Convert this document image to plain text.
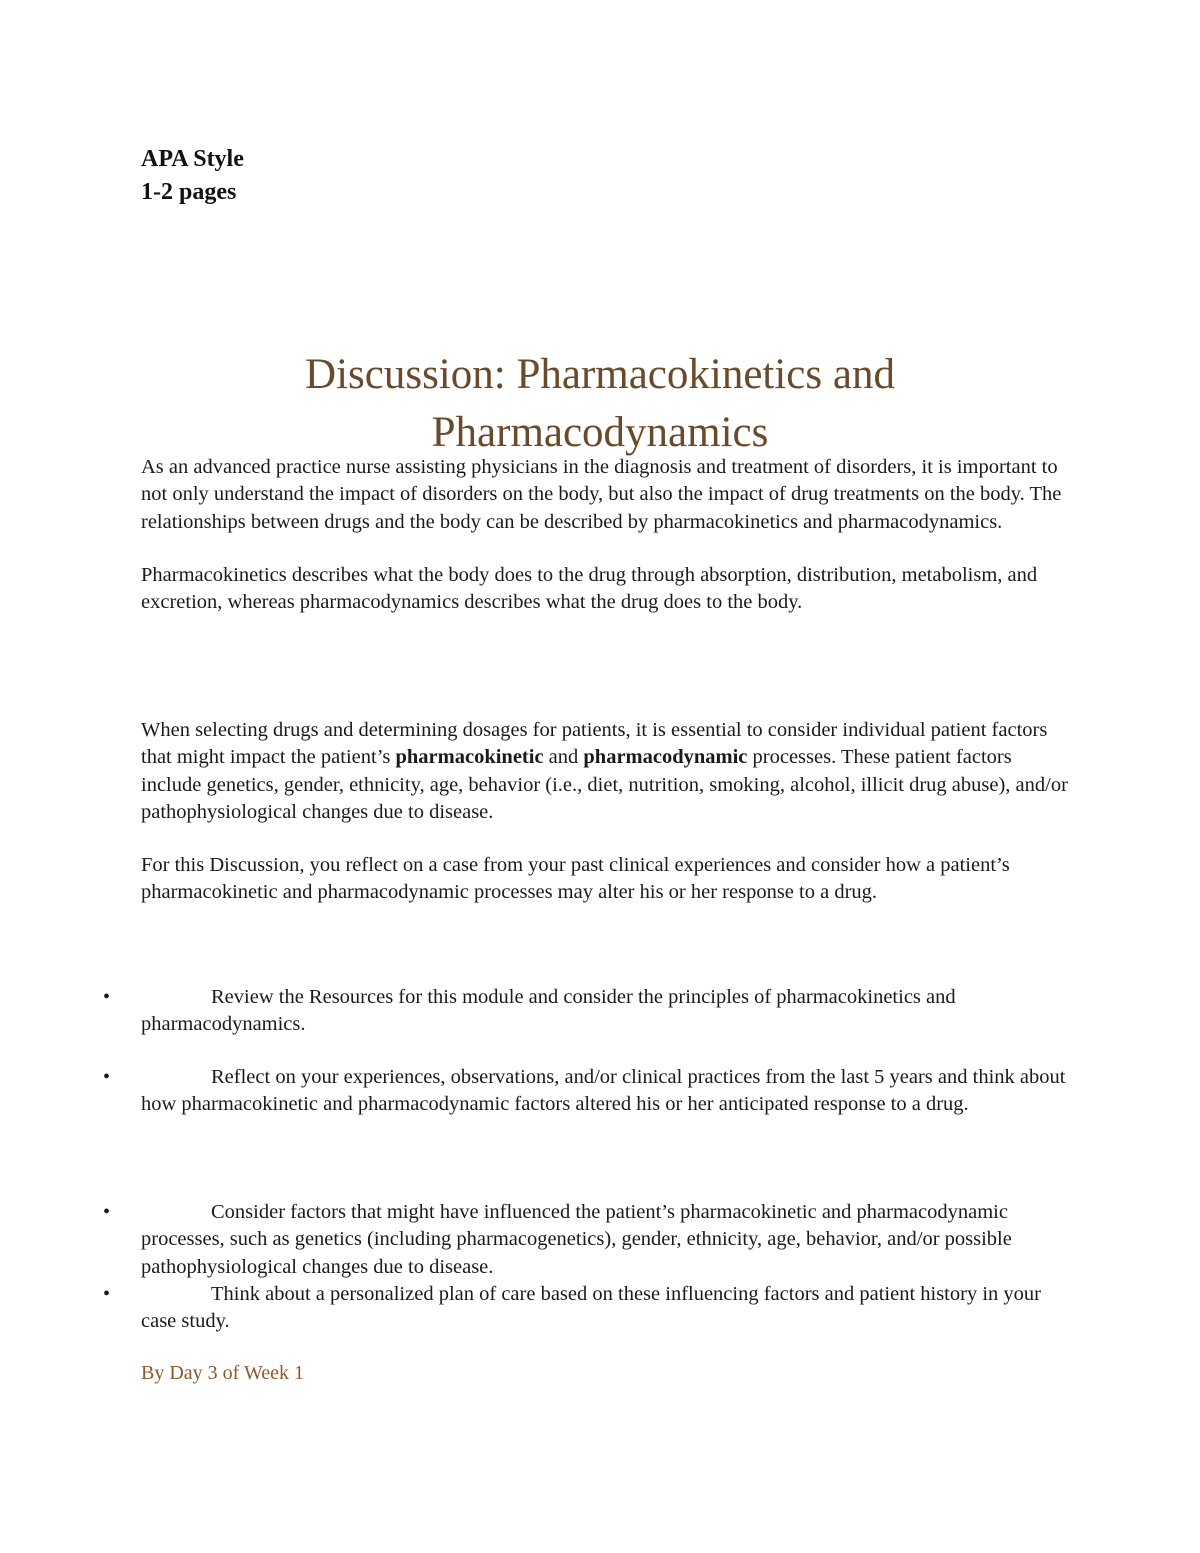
APA Style
1-2 pages
Discussion: Pharmacokinetics and
Pharmacodynamics
As an advanced practice nurse assisting physicians in the diagnosis and treatment of disorders, it is important to not only understand the impact of disorders on the body, but also the impact of drug treatments on the body. The relationships between drugs and the body can be described by pharmacokinetics and pharmacodynamics.
Pharmacokinetics describes what the body does to the drug through absorption, distribution, metabolism, and excretion, whereas pharmacodynamics describes what the drug does to the body.
When selecting drugs and determining dosages for patients, it is essential to consider individual patient factors that might impact the patient’s pharmacokinetic and pharmacodynamic processes. These patient factors include genetics, gender, ethnicity, age, behavior (i.e., diet, nutrition, smoking, alcohol, illicit drug abuse), and/or pathophysiological changes due to disease.
For this Discussion, you reflect on a case from your past clinical experiences and consider how a patient’s pharmacokinetic and pharmacodynamic processes may alter his or her response to a drug.
•	Review the Resources for this module and consider the principles of pharmacokinetics and pharmacodynamics.
•	Reflect on your experiences, observations, and/or clinical practices from the last 5 years and think about how pharmacokinetic and pharmacodynamic factors altered his or her anticipated response to a drug.
•	Consider factors that might have influenced the patient’s pharmacokinetic and pharmacodynamic processes, such as genetics (including pharmacogenetics), gender, ethnicity, age, behavior, and/or possible pathophysiological changes due to disease.
•	Think about a personalized plan of care based on these influencing factors and patient history in your case study.
By Day 3 of Week 1
